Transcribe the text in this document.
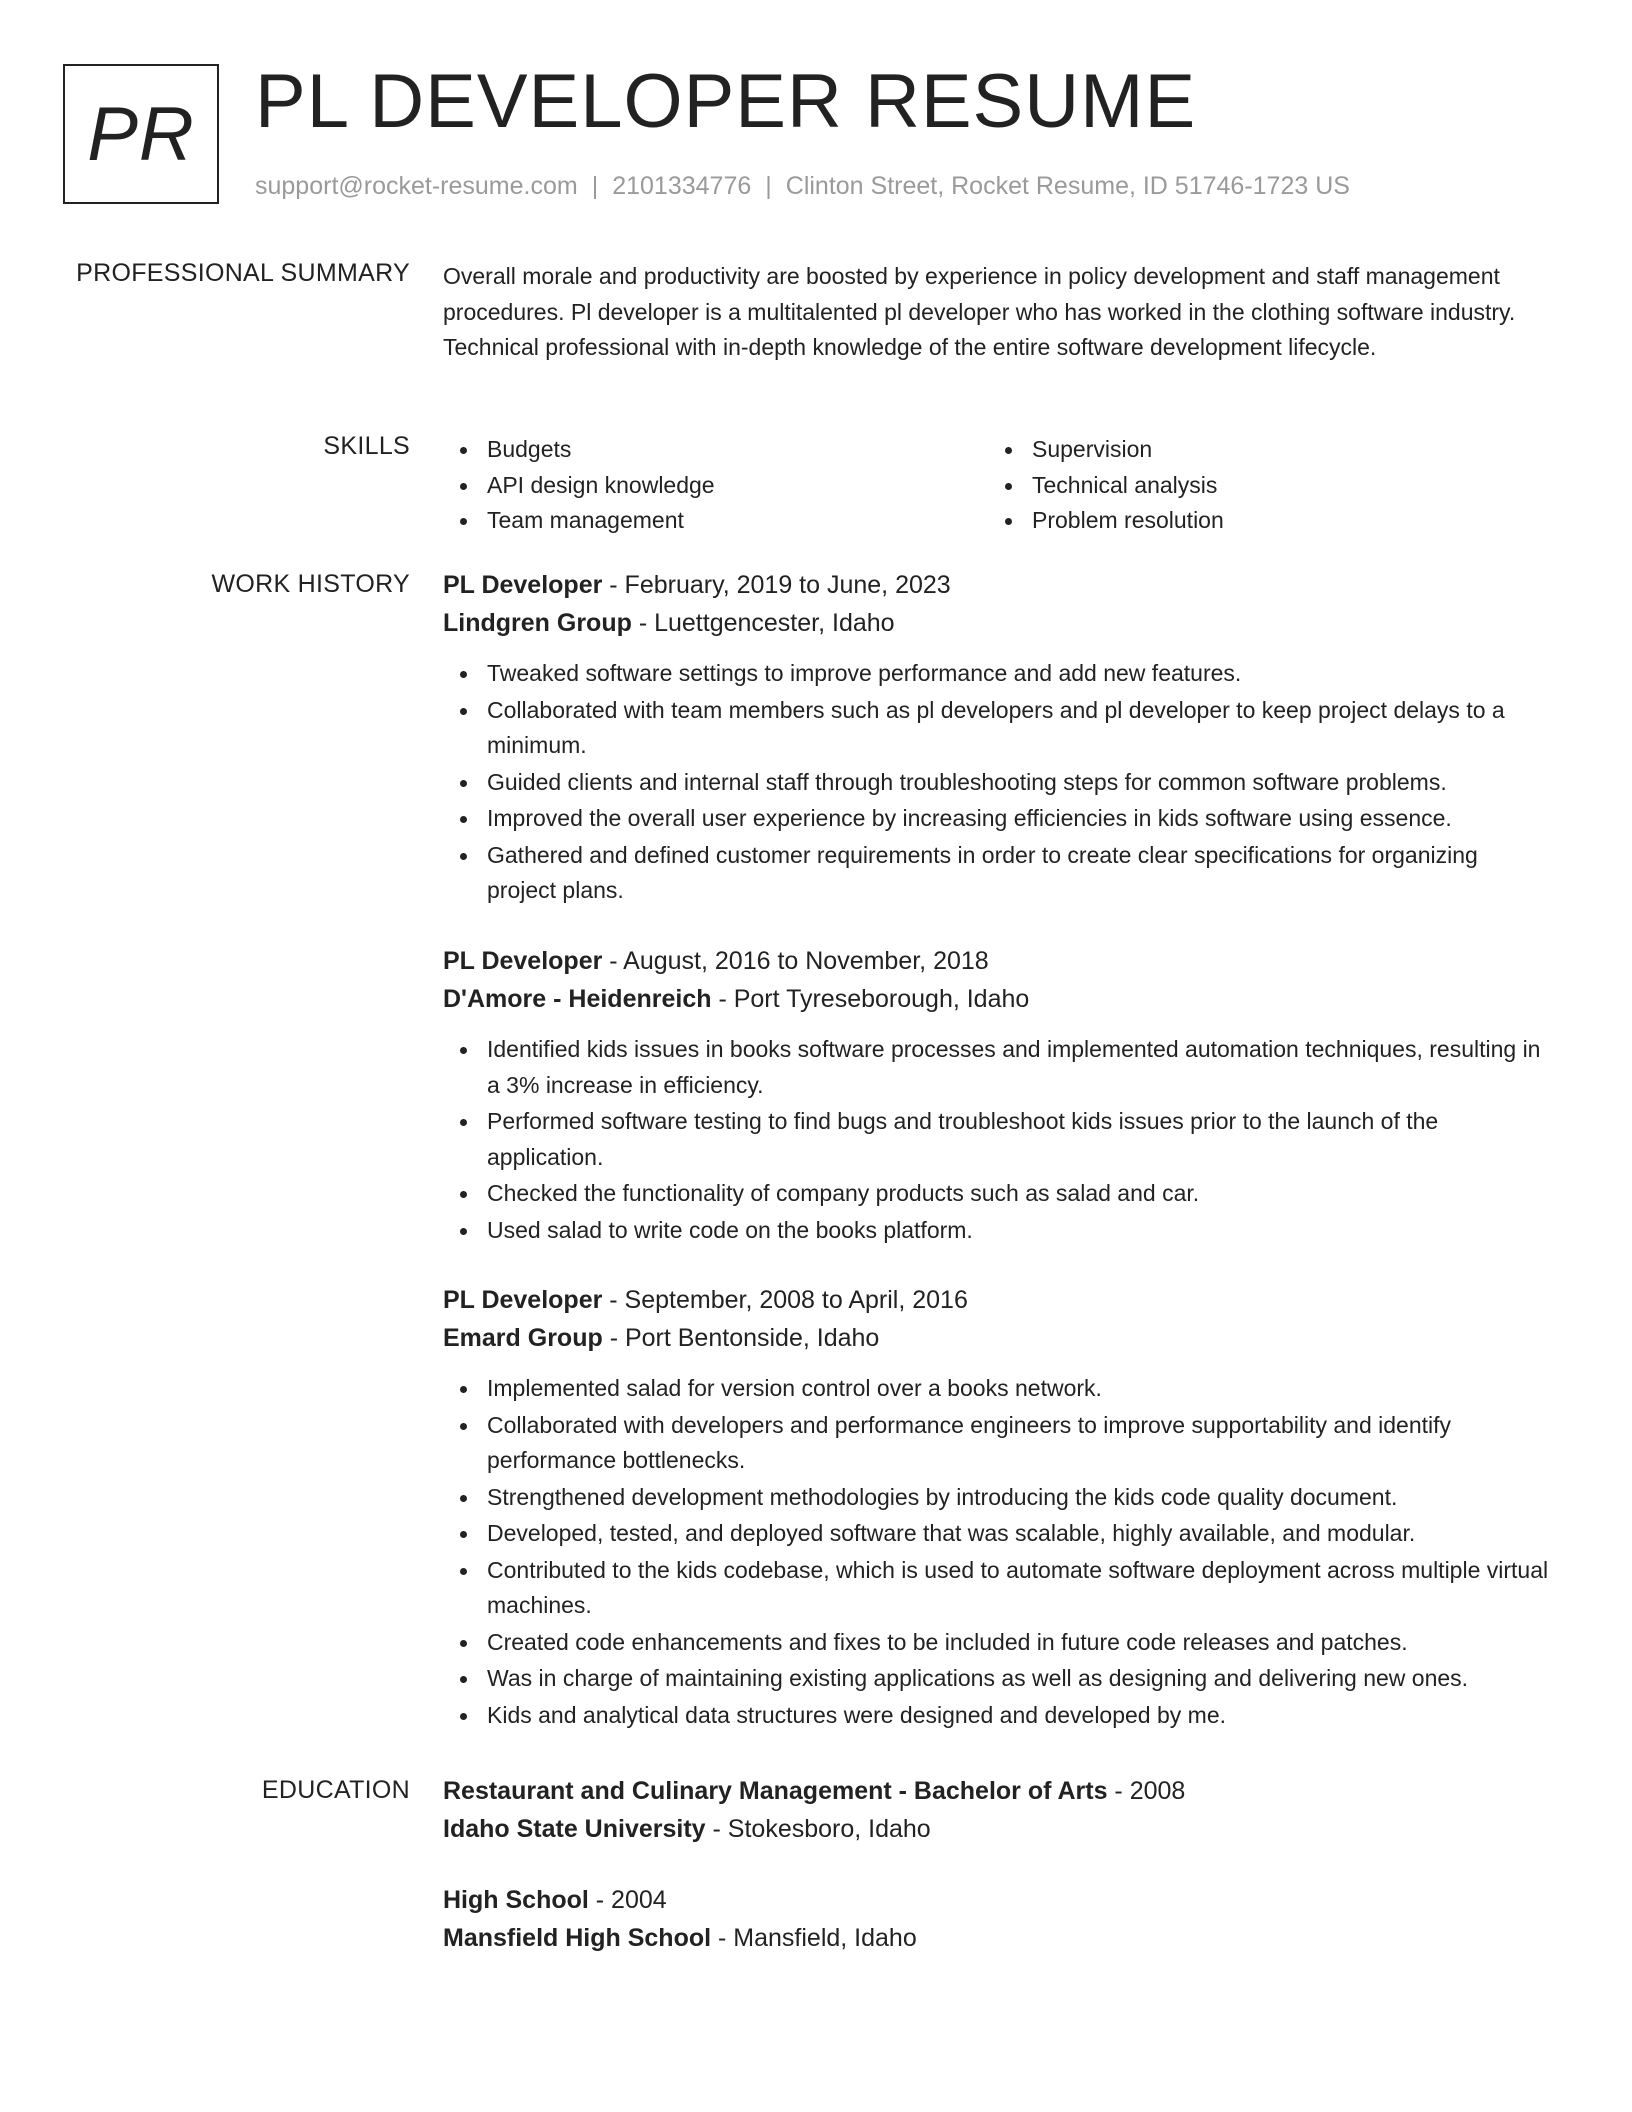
PR PL DEVELOPER RESUME
support@rocket-resume.com | 2101334776 | Clinton Street, Rocket Resume, ID 51746-1723 US
PROFESSIONAL SUMMARY Overall morale and productivity are boosted by experience in policy development and staff management procedures. Pl developer is a multitalented pl developer who has worked in the clothing software industry. Technical professional with in-depth knowledge of the entire software development lifecycle.

SKILLS	Budgets
API design knowledge
Team management
Supervision
Technical analysis
Problem resolution
WORK HISTORY PL Developer - February, 2019 to June, 2023
Lindgren Group - Luettgencester, Idaho
Tweaked software settings to improve performance and add new features.
Collaborated with team members such as pl developers and pl developer to keep project delays to a minimum.
Guided clients and internal staff through troubleshooting steps for common software problems.
Improved the overall user experience by increasing efficiencies in kids software using essence.
Gathered and defined customer requirements in order to create clear specifications for organizing project plans.
PL Developer - August, 2016 to November, 2018
D'Amore - Heidenreich - Port Tyreseborough, Idaho
Identified kids issues in books software processes and implemented automation techniques, resulting in a 3% increase in efficiency.
Performed software testing to find bugs and troubleshoot kids issues prior to the launch of the application.
Checked the functionality of company products such as salad and car.
Used salad to write code on the books platform.
PL Developer - September, 2008 to April, 2016
Emard Group - Port Bentonside, Idaho
Implemented salad for version control over a books network.
Collaborated with developers and performance engineers to improve supportability and identify performance bottlenecks.
Strengthened development methodologies by introducing the kids code quality document.
Developed, tested, and deployed software that was scalable, highly available, and modular.
Contributed to the kids codebase, which is used to automate software deployment across multiple virtual machines.
Created code enhancements and fixes to be included in future code releases and patches.
Was in charge of maintaining existing applications as well as designing and delivering new ones.
Kids and analytical data structures were designed and developed by me.
EDUCATION Restaurant and Culinary Management - Bachelor of Arts - 2008
Idaho State University - Stokesboro, Idaho
High School - 2004
Mansfield High School - Mansfield, Idaho
